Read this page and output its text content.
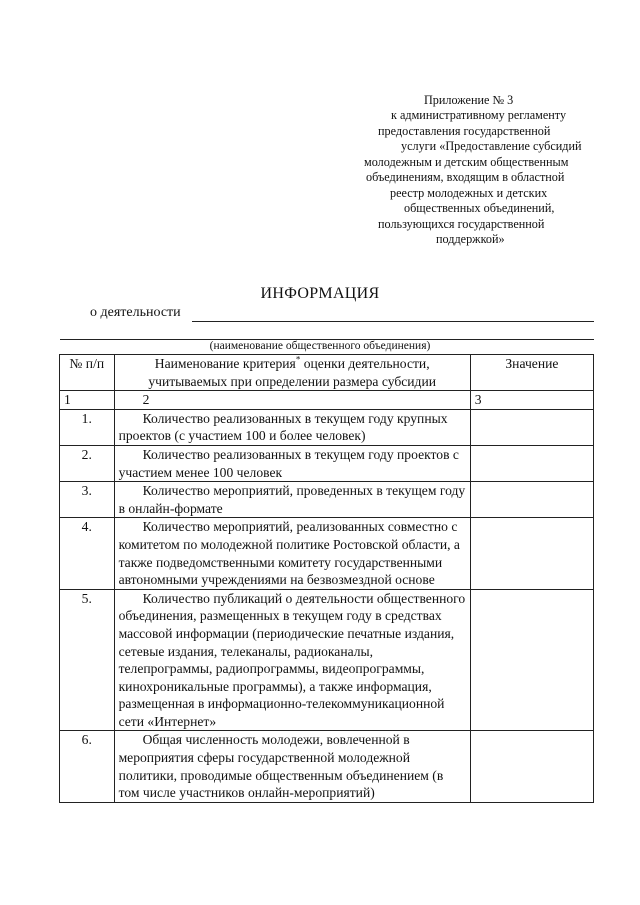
Приложение № 3
к административному регламенту
предоставления государственной
услуги «Предоставление субсидий
молодежным и детским общественным
объединениям, входящим в областной
реестр молодежных и детских
общественных объединений,
пользующихся государственной
поддержкой»
ИНФОРМАЦИЯ
о деятельности
(наименование общественного объединения)
№ п/п	Наименование критерия* оценки деятельности, учитываемых при определении размера субсидии	Значение
1	2	3
1.	Количество реализованных в текущем году крупных проектов (с участием 100 и более человек)	
2.	Количество реализованных в текущем году проектов с участием менее 100 человек	
3.	Количество мероприятий, проведенных в текущем году в онлайн-формате	
4.	Количество мероприятий, реализованных совместно с комитетом по молодежной политике Ростовской области, а также подведомственными комитету государственными автономными учреждениями на безвозмездной основе	
5.	Количество публикаций о деятельности общественного объединения, размещенных в текущем году в средствах массовой информации (периодические печатные издания, сетевые издания, телеканалы, радиоканалы, телепрограммы, радиопрограммы, видеопрограммы, кинохроникальные программы), а также информация, размещенная в информационно-телекоммуникационной сети «Интернет»	
6.	Общая численность молодежи, вовлеченной в мероприятия сферы государственной молодежной политики, проводимые общественным объединением (в том числе участников онлайн-мероприятий)	
